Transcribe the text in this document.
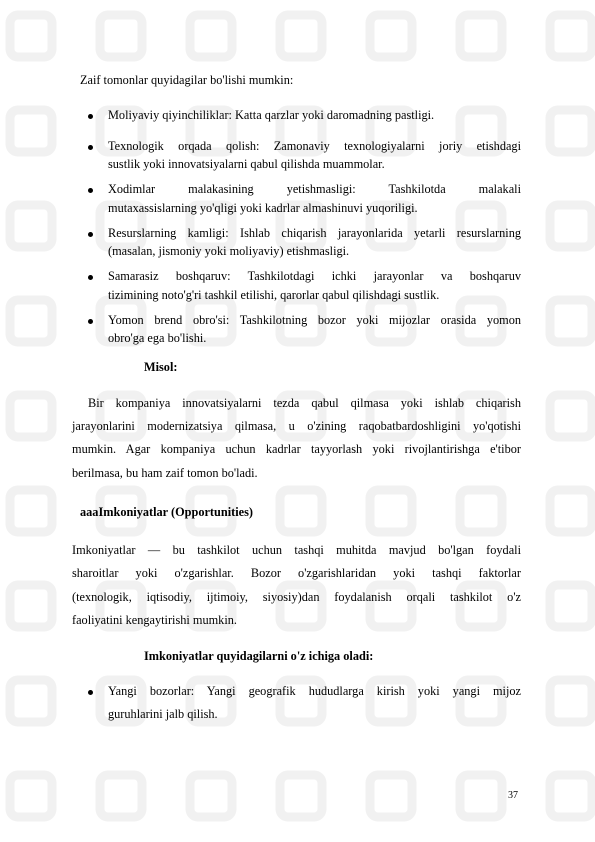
Zaif tomonlar quyidagilar bo'lishi mumkin:
Moliyaviy qiyinchiliklar: Katta qarzlar yoki daromadning pastligi.
Texnologik orqada qolish: Zamonaviy texnologiyalarni joriy etishdagi
sustlik yoki innovatsiyalarni qabul qilishda muammolar.
Xodimlar malakasining yetishmasligi: Tashkilotda malakali
mutaxassislarning yo'qligi yoki kadrlar almashinuvi yuqoriligi.
Resurslarning kamligi: Ishlab chiqarish jarayonlarida yetarli resurslarning
(masalan, jismoniy yoki moliyaviy) etishmasligi.
Samarasiz boshqaruv: Tashkilotdagi ichki jarayonlar va boshqaruv
tizimining noto'g'ri tashkil etilishi, qarorlar qabul qilishdagi sustlik.
Yomon brend obro'si: Tashkilotning bozor yoki mijozlar orasida yomon
obro'ga ega bo'lishi.
Misol:
Bir kompaniya innovatsiyalarni tezda qabul qilmasa yoki ishlab chiqarish
jarayonlarini modernizatsiya qilmasa, u o'zining raqobatbardoshligini yo'qotishi
mumkin. Agar kompaniya uchun kadrlar tayyorlash yoki rivojlantirishga e'tibor
berilmasa, bu ham zaif tomon bo'ladi.
aaaImkoniyatlar (Opportunities)
Imkoniyatlar — bu tashkilot uchun tashqi muhitda mavjud bo'lgan foydali
sharoitlar yoki o'zgarishlar. Bozor o'zgarishlaridan yoki tashqi faktorlar
(texnologik, iqtisodiy, ijtimoiy, siyosiy)dan foydalanish orqali tashkilot o'z
faoliyatini kengaytirishi mumkin.
Imkoniyatlar quyidagilarni o'z ichiga oladi:
Yangi bozorlar: Yangi geografik hududlarga kirish yoki yangi mijoz
guruhlarini jalb qilish.
37
